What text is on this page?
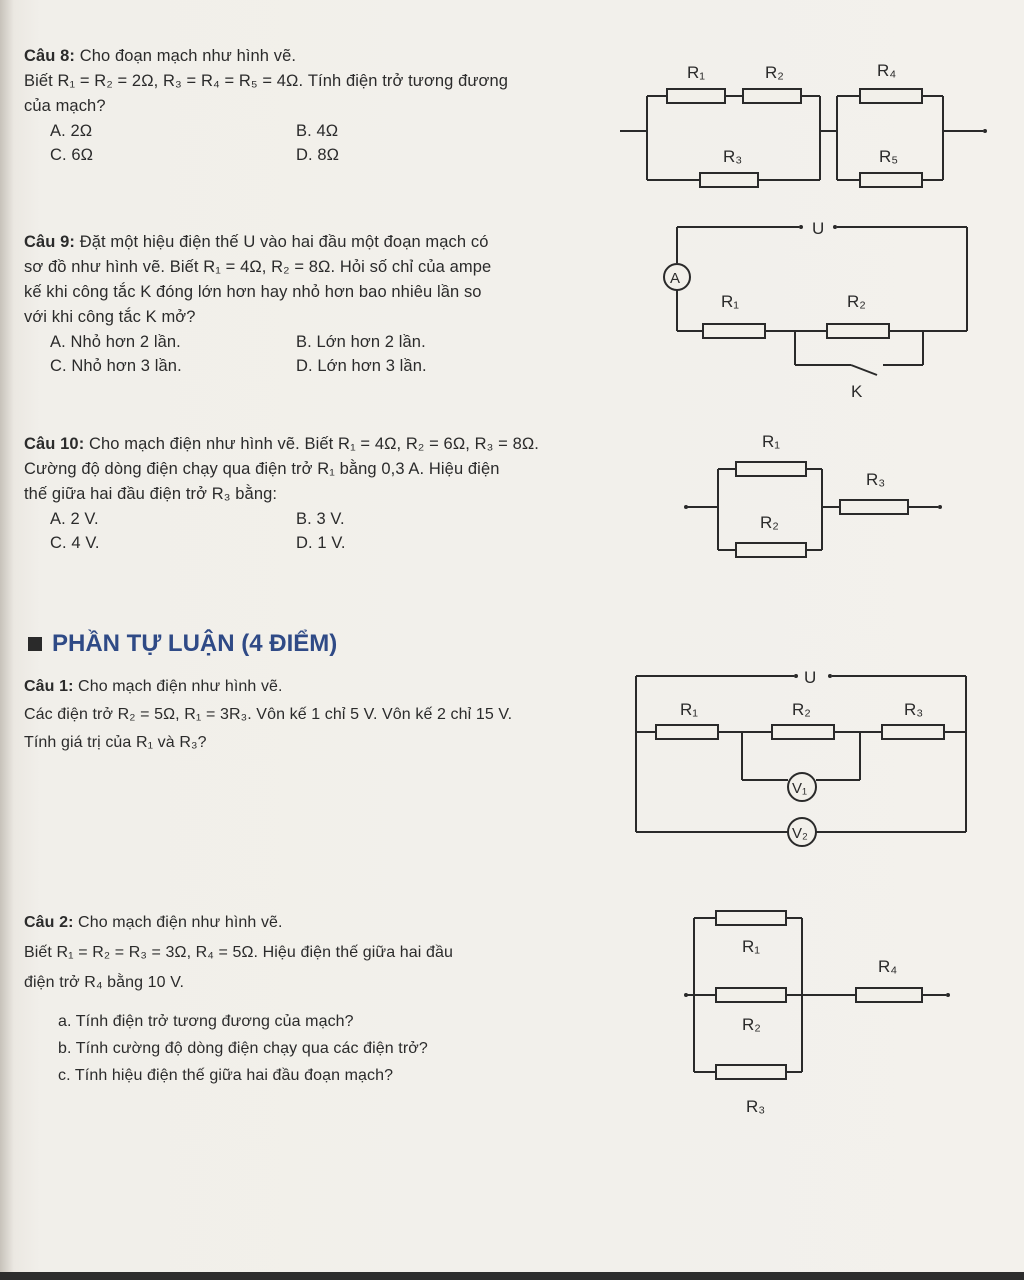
Câu 8: Cho đoạn mạch như hình vẽ.

Biết R₁ = R₂ = 2Ω, R₃ = R₄ = R₅ = 4Ω. Tính điện trở tương đương

của mạch?

A. 2Ω	B. 4Ω
C. 6Ω	D. 8Ω
R₁	R₂
R₃
R₄
R₅

Câu 9: Đặt một hiệu điện thế U vào hai đầu một đoạn mạch có

sơ đồ như hình vẽ. Biết R₁ = 4Ω, R₂ = 8Ω. Hỏi số chỉ của ampe

kế khi công tắc K đóng lớn hơn hay nhỏ hơn bao nhiêu lần so

với khi công tắc K mở?

A. Nhỏ hơn 2 lần.	B. Lớn hơn 2 lần.
C. Nhỏ hơn 3 lần.	D. Lớn hơn 3 lần.
U
A
R₁	R₂
K

Câu 10: Cho mạch điện như hình vẽ. Biết R₁ = 4Ω, R₂ = 6Ω, R₃ = 8Ω.

Cường độ dòng điện chạy qua điện trở R₁ bằng 0,3 A. Hiệu điện

thế giữa hai đầu điện trở R₃ bằng:

A. 2 V.	B. 3 V.
C. 4 V.	D. 1 V.
R₁
R₂
R₃
PHẦN TỰ LUẬN (4 ĐIỂM)

Câu 1: Cho mạch điện như hình vẽ.

Các điện trở R₂ = 5Ω, R₁ = 3R₃. Vôn kế 1 chỉ 5 V. Vôn kế 2 chỉ 15 V.

Tính giá trị của R₁ và R₃?

U
R₁	R₂	R₃
V₁
V₂

Câu 2: Cho mạch điện như hình vẽ.

Biết R₁ = R₂ = R₃ = 3Ω, R₄ = 5Ω. Hiệu điện thế giữa hai đầu

điện trở R₄ bằng 10 V.

a. Tính điện trở tương đương của mạch?

b. Tính cường độ dòng điện chạy qua các điện trở?

c. Tính hiệu điện thế giữa hai đầu đoạn mạch?

R₁
R₂
R₃
R₄
